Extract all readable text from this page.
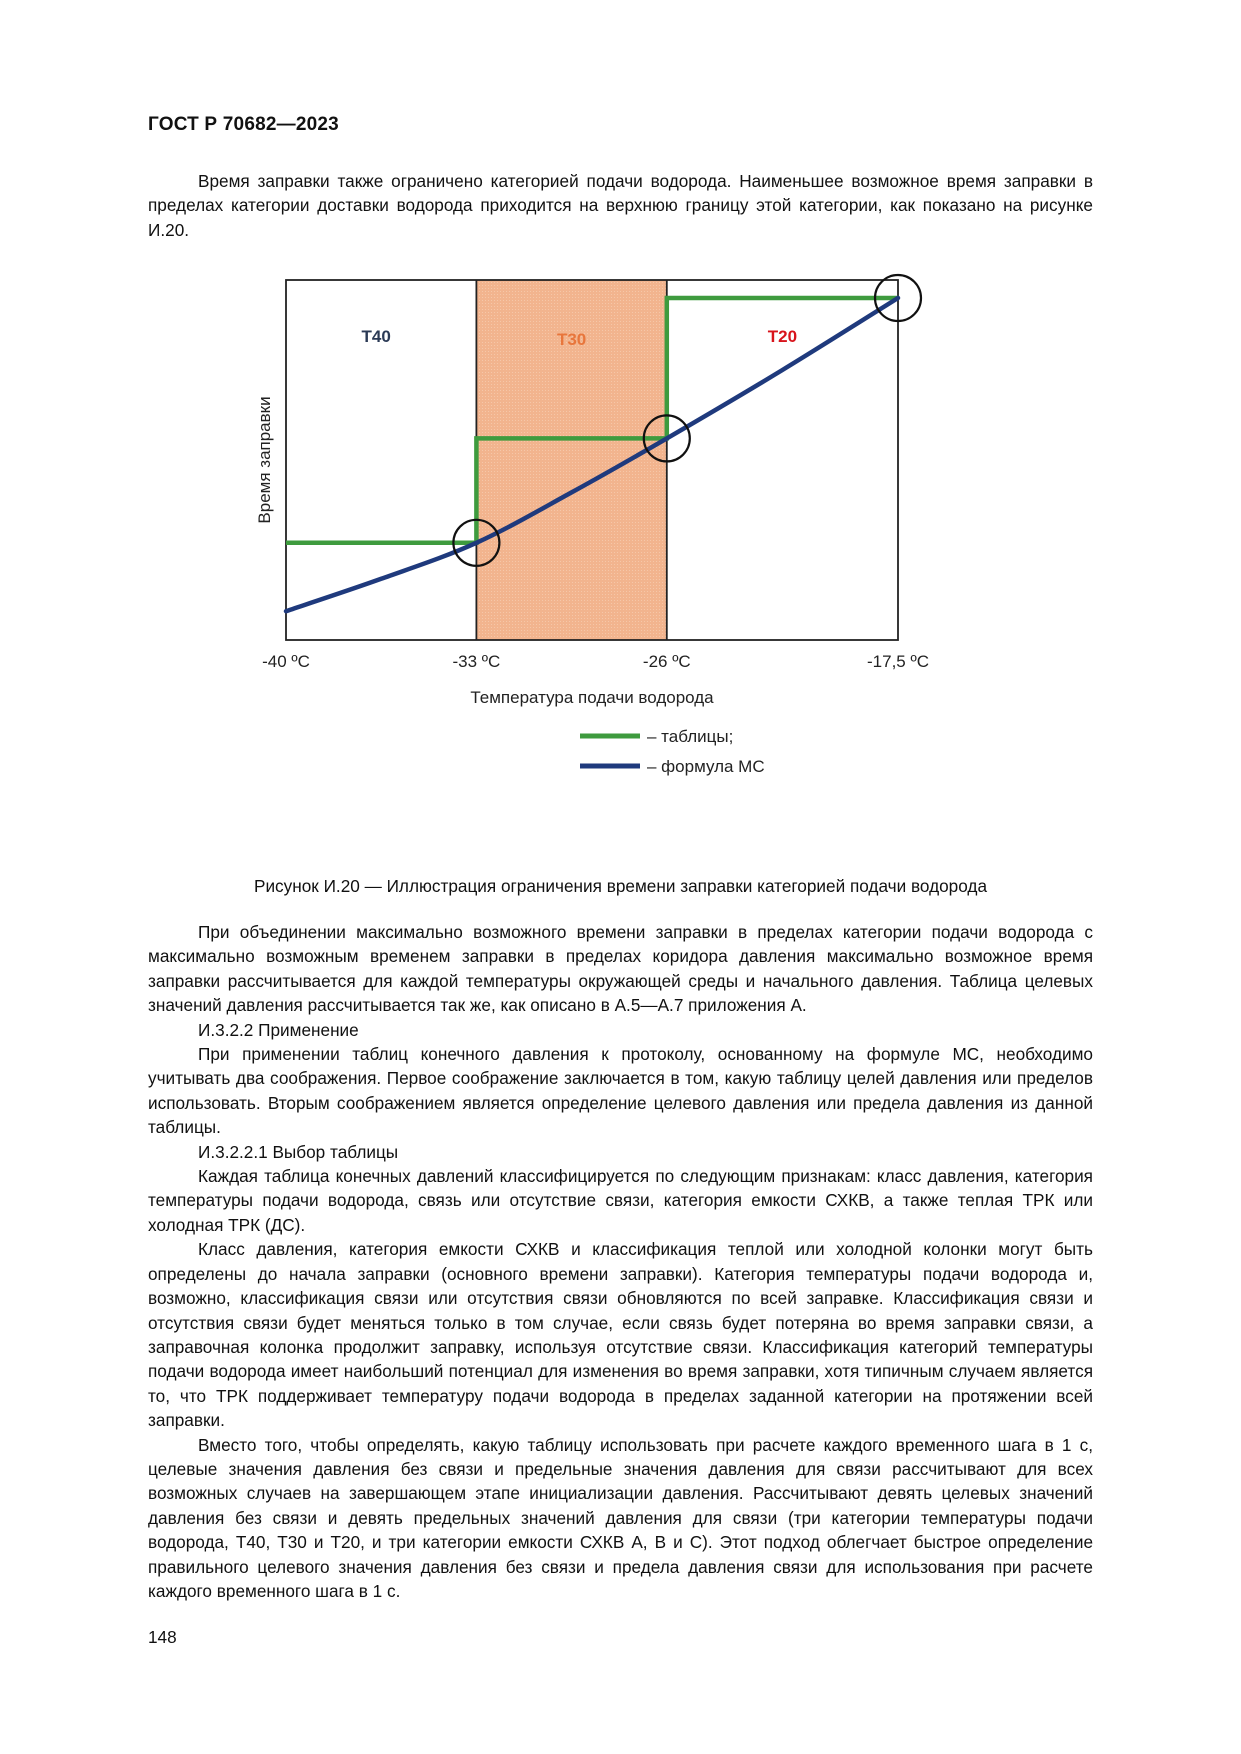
ГОСТ Р 70682—2023

Время заправки также ограничено категорией подачи водорода. Наименьшее возможное время заправки в пределах категории доставки водорода приходится на верхнюю границу этой категории, как показано на рисунке И.20.

T40	T30	T20
-40 ºC	-33 ºC	-26 ºC	-17,5 ºC
Время заправки
Температура подачи водорода
– таблицы;
– формула МС
Рисунок И.20 — Иллюстрация ограничения времени заправки категорией подачи водорода

При объединении максимально возможного времени заправки в пределах категории подачи водорода с максимально возможным временем заправки в пределах коридора давления максимально возможное время заправки рассчитывается для каждой температуры окружающей среды и начального давления. Таблица целевых значений давления рассчитывается так же, как описано в А.5—А.7 приложения А.

И.3.2.2 Применение

При применении таблиц конечного давления к протоколу, основанному на формуле МС, необходимо учитывать два соображения. Первое соображение заключается в том, какую таблицу целей давления или пределов использовать. Вторым соображением является определение целевого давления или предела давления из данной таблицы.

И.3.2.2.1 Выбор таблицы

Каждая таблица конечных давлений классифицируется по следующим признакам: класс давления, категория температуры подачи водорода, связь или отсутствие связи, категория емкости СХКВ, а также теплая ТРК или холодная ТРК (ДС).

Класс давления, категория емкости СХКВ и классификация теплой или холодной колонки могут быть определены до начала заправки (основного времени заправки). Категория температуры подачи водорода и, возможно, классификация связи или отсутствия связи обновляются по всей заправке. Классификация связи и отсутствия связи будет меняться только в том случае, если связь будет потеряна во время заправки связи, а заправочная колонка продолжит заправку, используя отсутствие связи. Классификация категорий температуры подачи водорода имеет наибольший потенциал для изменения во время заправки, хотя типичным случаем является то, что ТРК поддерживает температуру подачи водорода в пределах заданной категории на протяжении всей заправки.

Вместо того, чтобы определять, какую таблицу использовать при расчете каждого временного шага в 1 с, целевые значения давления без связи и предельные значения давления для связи рассчитывают для всех возможных случаев на завершающем этапе инициализации давления. Рассчитывают девять целевых значений давления без связи и девять предельных значений давления для связи (три категории температуры подачи водорода, Т40, Т30 и Т20, и три категории емкости СХКВ А, В и С). Этот подход облегчает быстрое определение правильного целевого значения давления без связи и предела давления связи для использования при расчете каждого временного шага в 1 с.

148
